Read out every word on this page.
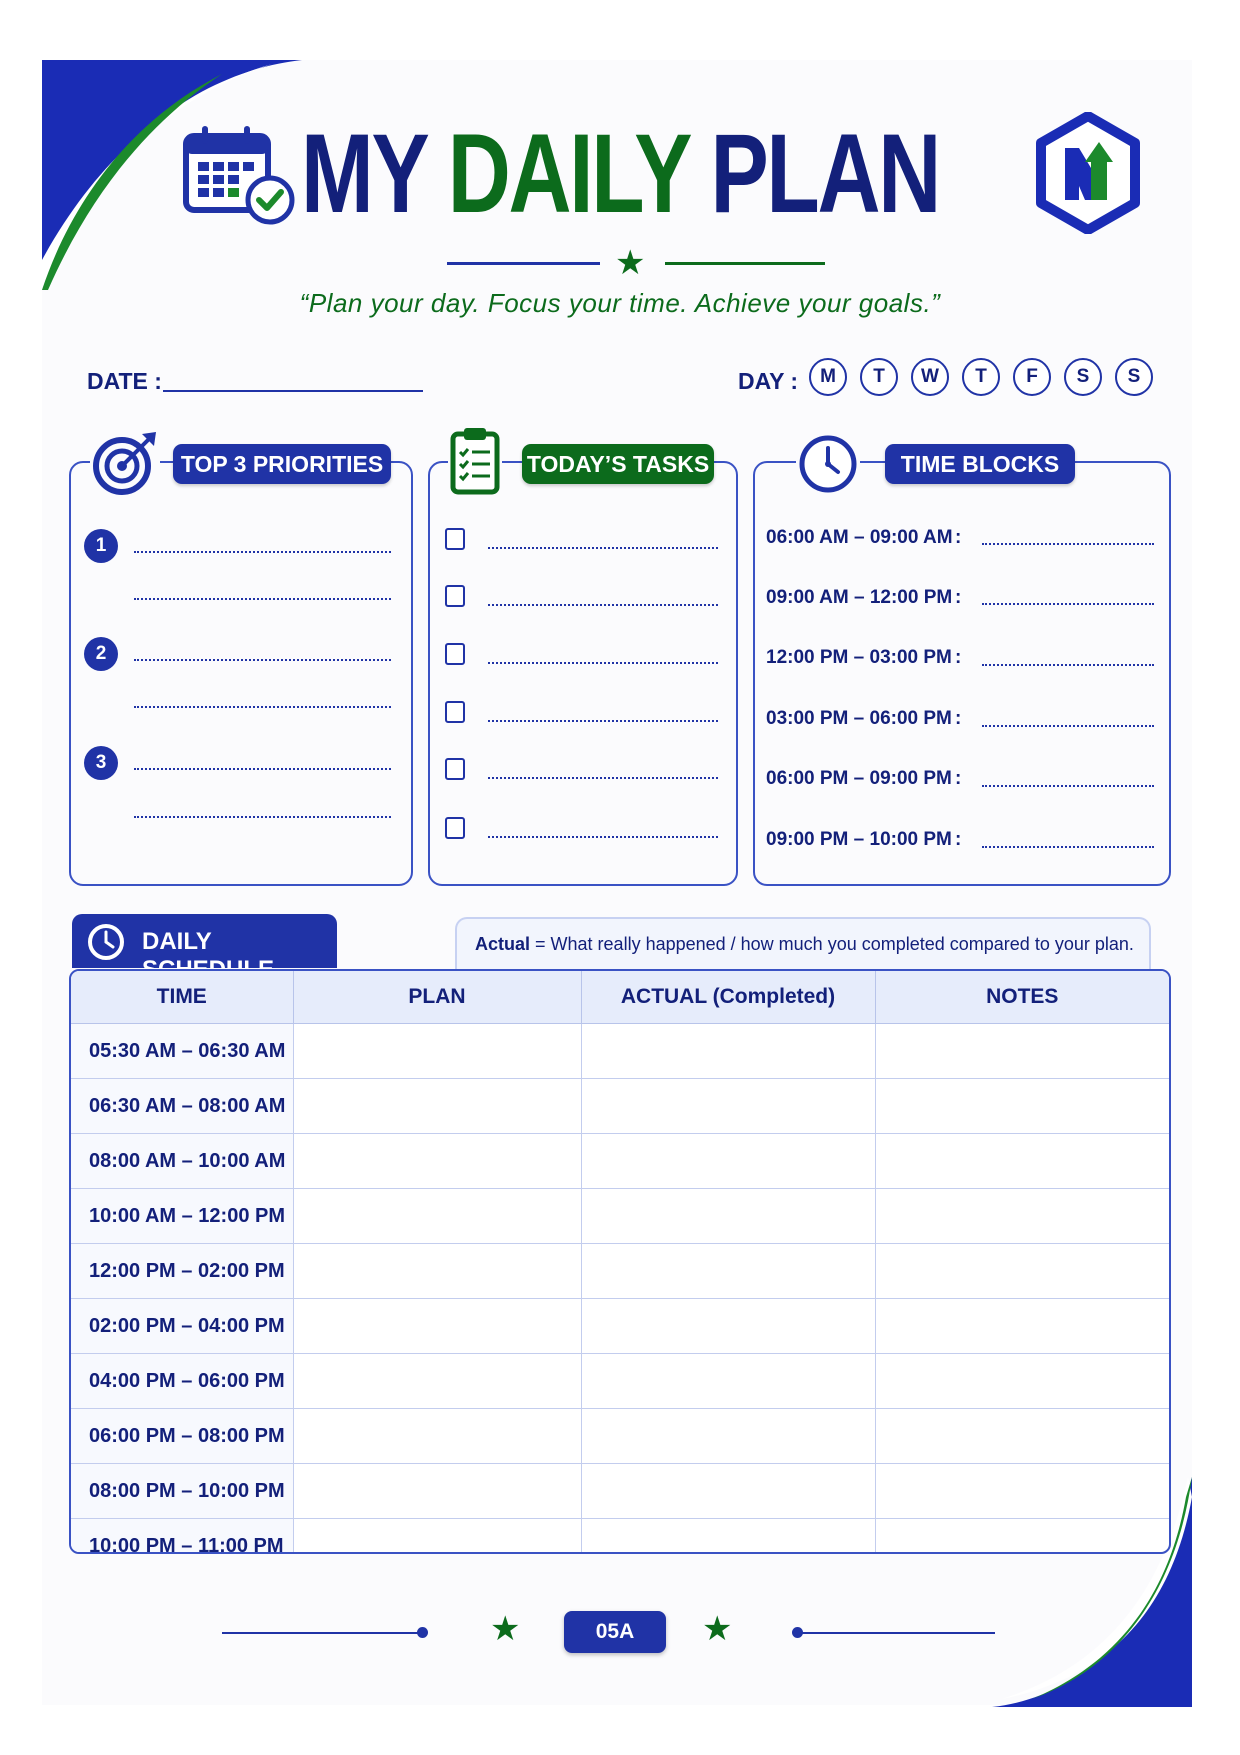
MY DAILY PLAN
★
“Plan your day. Focus your time. Achieve your goals.”
DATE :	DAY :	M	T	W	T	F	S	S
TOP 3 PRIORITIES
1
2
3
TODAY’S TASKS	TIME BLOCKS
06:00 AM – 09:00 AM :
09:00 AM – 12:00 PM :
12:00 PM – 03:00 PM :
03:00 PM – 06:00 PM :
06:00 PM – 09:00 PM :
09:00 PM – 10:00 PM :
DAILY	Actual = What really happened / how much you completed compared to your plan.
TIME	PLAN	ACTUAL (Completed)	NOTES
05:30 AM – 06:30 AM			
06:30 AM – 08:00 AM			
08:00 AM – 10:00 AM			
10:00 AM – 12:00 PM			
12:00 PM – 02:00 PM			
02:00 PM – 04:00 PM			
04:00 PM – 06:00 PM			
06:00 PM – 08:00 PM			
08:00 PM – 10:00 PM			
10:00 PM – 11:00 PM			
★	05A	★
